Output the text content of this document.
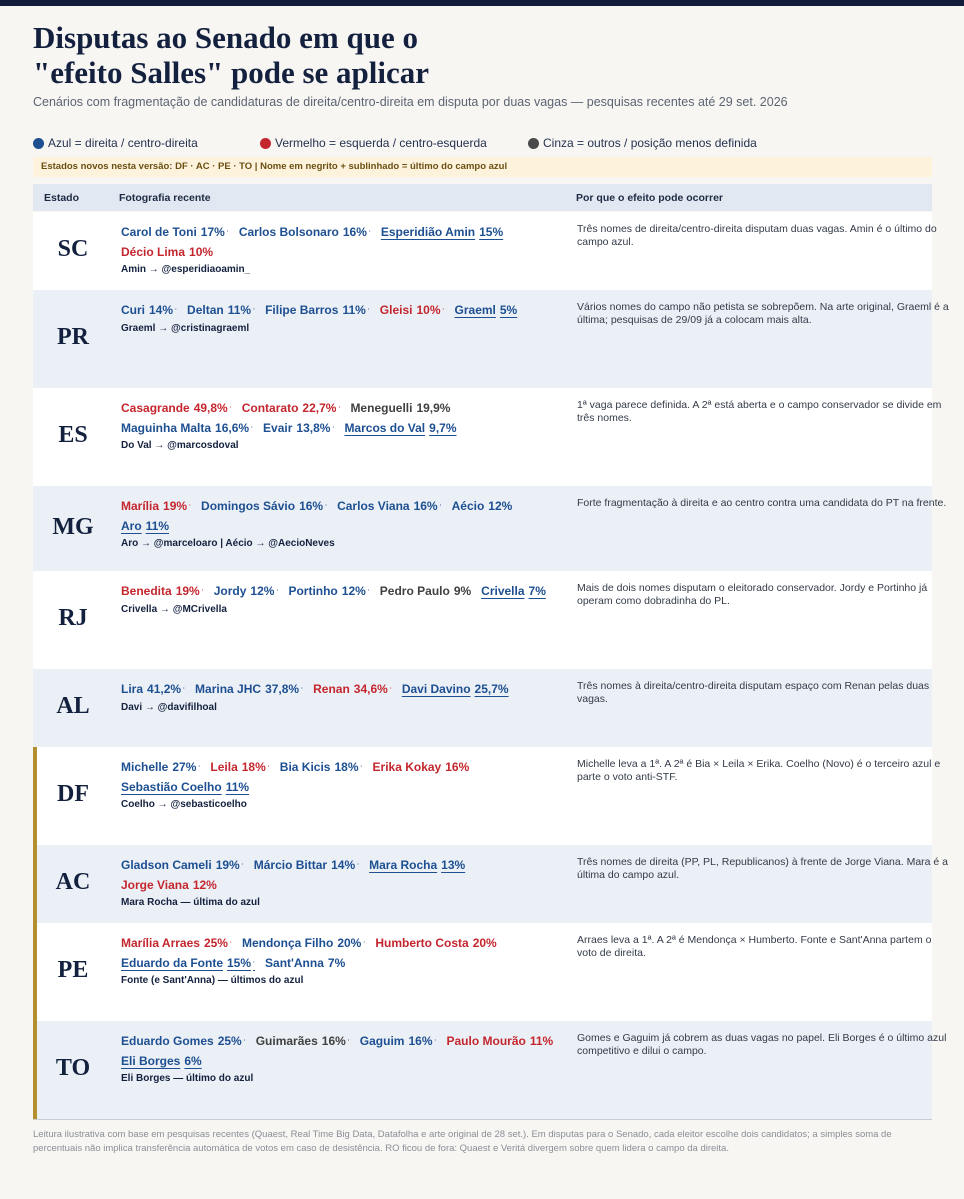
Disputas ao Senado em que o
"efeito Salles" pode se aplicar
Cenários com fragmentação de candidaturas de direita/centro-direita em disputa por duas vagas — pesquisas recentes até 29 set. 2026
Azul = direita / centro-direita	Vermelho = esquerda / centro-esquerda	Cinza = outros / posição menos definida
Estados novos nesta versão: DF · AC · PE · TO | Nome em negrito + sublinhado = último do campo azul
Estado	Fotografia recente	Por que o efeito pode ocorrer
SC
Carol de Toni 17% · Carlos Bolsonaro 16% · Esperidião Amin 15%Décio Lima 10%
Amin → @esperidiaoamin_
Três nomes de direita/centro-direita disputam duas vagas. Amin é o último do campo azul.
PR
Curi 14% · Deltan 11% · Filipe Barros 11% · Gleisi 10% · Graeml 5%
Graeml → @cristinagraeml
Vários nomes do campo não petista se sobrepõem. Na arte original, Graeml é a última; pesquisas de 29/09 já a colocam mais alta.
ES
Casagrande 49,8% · Contarato 22,7% · Meneguelli 19,9%Maguinha Malta 16,6% · Evair 13,8% · Marcos do Val 9,7%
Do Val → @marcosdoval
1ª vaga parece definida. A 2ª está aberta e o campo conservador se divide em três nomes.
MG
Marília 19% · Domingos Sávio 16% · Carlos Viana 16% · Aécio 12%Aro 11%
Aro → @marceloaro | Aécio → @AecioNeves
Forte fragmentação à direita e ao centro contra uma candidata do PT na frente.
RJ
Benedita 19% · Jordy 12% · Portinho 12% · Pedro Paulo 9% Crivella 7%
Crivella → @MCrivella
Mais de dois nomes disputam o eleitorado conservador. Jordy e Portinho já operam como dobradinha do PL.
AL
Lira 41,2% · Marina JHC 37,8% · Renan 34,6% · Davi Davino 25,7%
Davi → @davifilhoal
Três nomes à direita/centro-direita disputam espaço com Renan pelas duas vagas.
DF
Michelle 27% · Leila 18% · Bia Kicis 18% · Erika Kokay 16%Sebastião Coelho 11%
Coelho → @sebasticoelho
Michelle leva a 1ª. A 2ª é Bia × Leila × Erika. Coelho (Novo) é o terceiro azul e parte o voto anti-STF.
AC
Gladson Cameli 19% · Márcio Bittar 14% · Mara Rocha 13%Jorge Viana 12%
Mara Rocha — última do azul
Três nomes de direita (PP, PL, Republicanos) à frente de Jorge Viana. Mara é a última do campo azul.
PE
Marília Arraes 25% · Mendonça Filho 20% · Humberto Costa 20%Eduardo da Fonte 15% · Sant'Anna 7%
Fonte (e Sant'Anna) — últimos do azul
Arraes leva a 1ª. A 2ª é Mendonça × Humberto. Fonte e Sant'Anna partem o voto de direita.
TO
Eduardo Gomes 25% · Guimarães 16% · Gaguim 16% · Paulo Mourão 11%Eli Borges 6%
Eli Borges — último do azul
Gomes e Gaguim já cobrem as duas vagas no papel. Eli Borges é o último azul competitivo e dilui o campo.
Leitura ilustrativa com base em pesquisas recentes (Quaest, Real Time Big Data, Datafolha e arte original de 28 set.). Em disputas para o Senado, cada eleitor escolhe dois candidatos; a simples soma de percentuais não implica transferência automática de votos em caso de desistência. RO ficou de fora: Quaest e Veritá divergem sobre quem lidera o campo da direita.
